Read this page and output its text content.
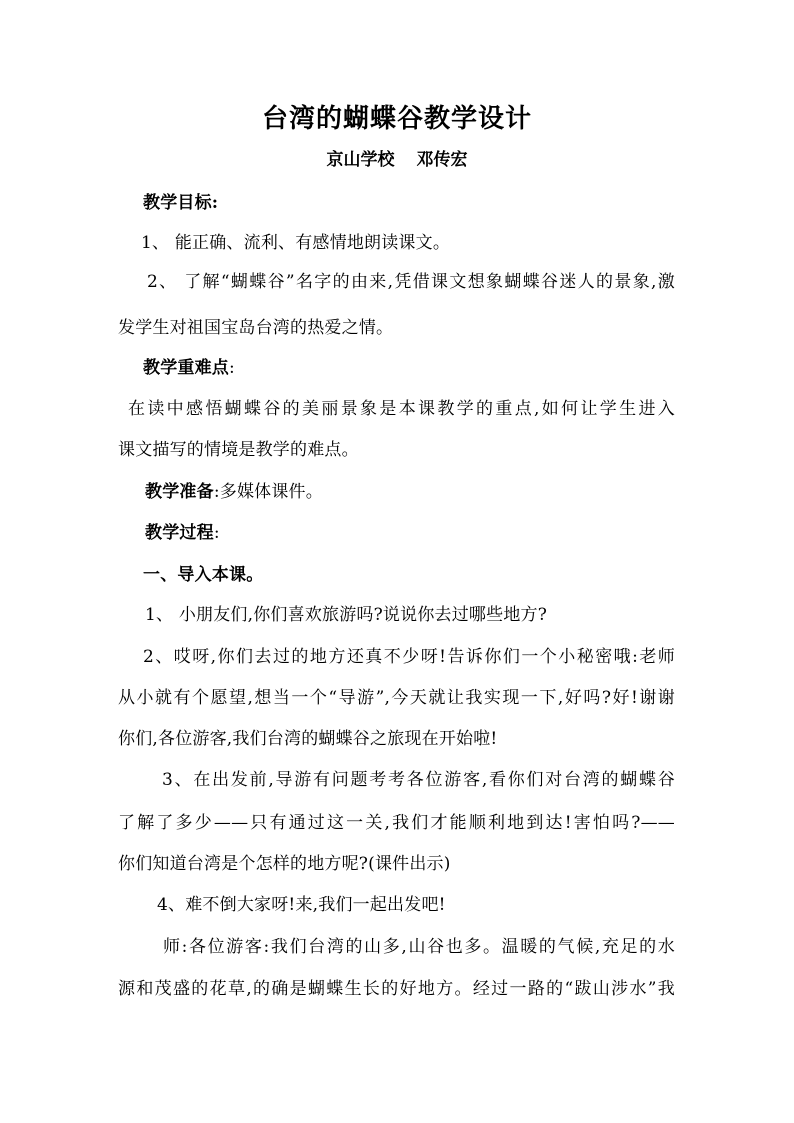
台湾的蝴蝶谷教学设计
京山学校 邓传宏
教学目标:
1、 能正确、流利、有感情地朗读课文。
2、 了解“蝴蝶谷”名字的由来,凭借课文想象蝴蝶谷迷人的景象,激
发学生对祖国宝岛台湾的热爱之情。
教学重难点:
在读中感悟蝴蝶谷的美丽景象是本课教学的重点,如何让学生进入
课文描写的情境是教学的难点。
教学准备:多媒体课件。
教学过程:
一、导入本课。
1、 小朋友们,你们喜欢旅游吗?说说你去过哪些地方?
2、哎呀,你们去过的地方还真不少呀!告诉你们一个小秘密哦:老师
从小就有个愿望,想当一个“导游”,今天就让我实现一下,好吗?好!谢谢
你们,各位游客,我们台湾的蝴蝶谷之旅现在开始啦!
3、在出发前,导游有问题考考各位游客,看你们对台湾的蝴蝶谷
了解了多少——只有通过这一关,我们才能顺利地到达!害怕吗?——
你们知道台湾是个怎样的地方呢?(课件出示)
4、难不倒大家呀!来,我们一起出发吧!
师:各位游客:我们台湾的山多,山谷也多。温暖的气候,充足的水
源和茂盛的花草,的确是蝴蝶生长的好地方。经过一路的“跋山涉水”我
